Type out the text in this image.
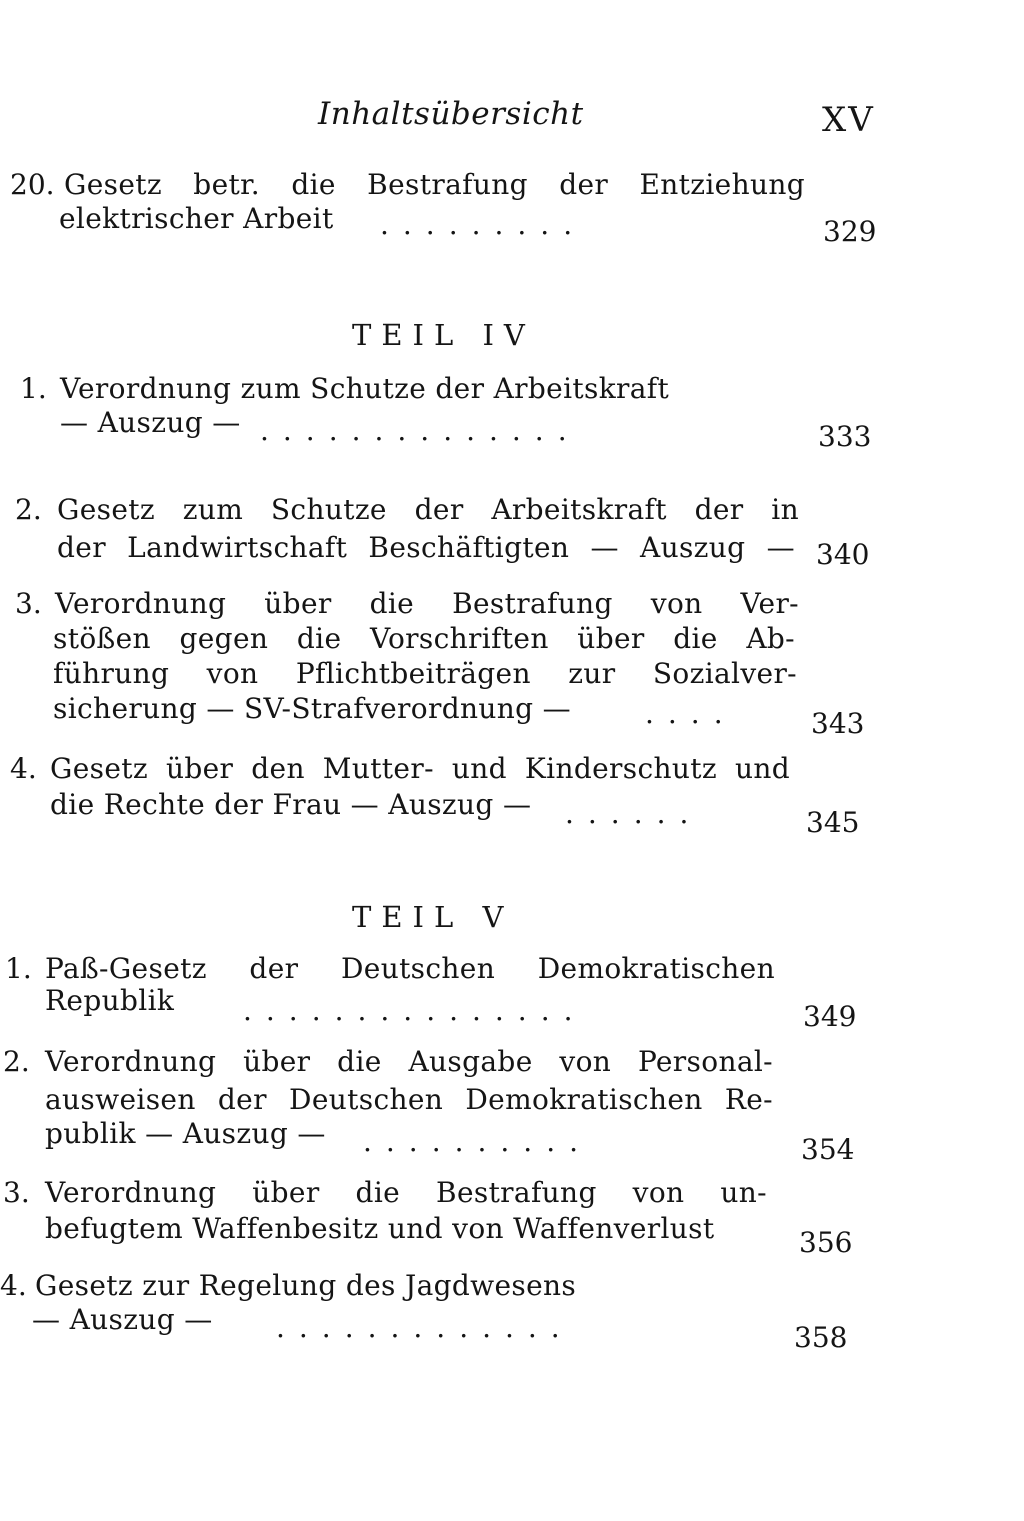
Inhaltsübersicht	XV
20. Gesetz betr. die Bestrafung der Entziehung
elektrischer Arbeit .........	329
TEIL IV
1. Verordnung zum Schutze der Arbeitskraft
— Auszug — ..............	333
2. Gesetz zum Schutze der Arbeitskraft der in
der Landwirtschaft Beschäftigten — Auszug — 340
3. Verordnung über die Bestrafung von Ver-
stößen gegen die Vorschriften über die Ab-
führung von Pflichtbeiträgen zur Sozialver-
sicherung — SV-Strafverordnung —	....	343
4. Gesetz über den Mutter- und Kinderschutz und
die Rechte der Frau — Auszug — ......	345
TEIL V
1. Paß-Gesetz der Deutschen Demokratischen
Republik ...............	349
2. Verordnung über die Ausgabe von Personal-
ausweisen der Deutschen Demokratischen Re-
publik — Auszug — ..........	354
3. Verordnung über die Bestrafung von un-
befugtem Waffenbesitz und von Waffenverlust	356
4. Gesetz zur Regelung des Jagdwesens
— Auszug — .............	358
